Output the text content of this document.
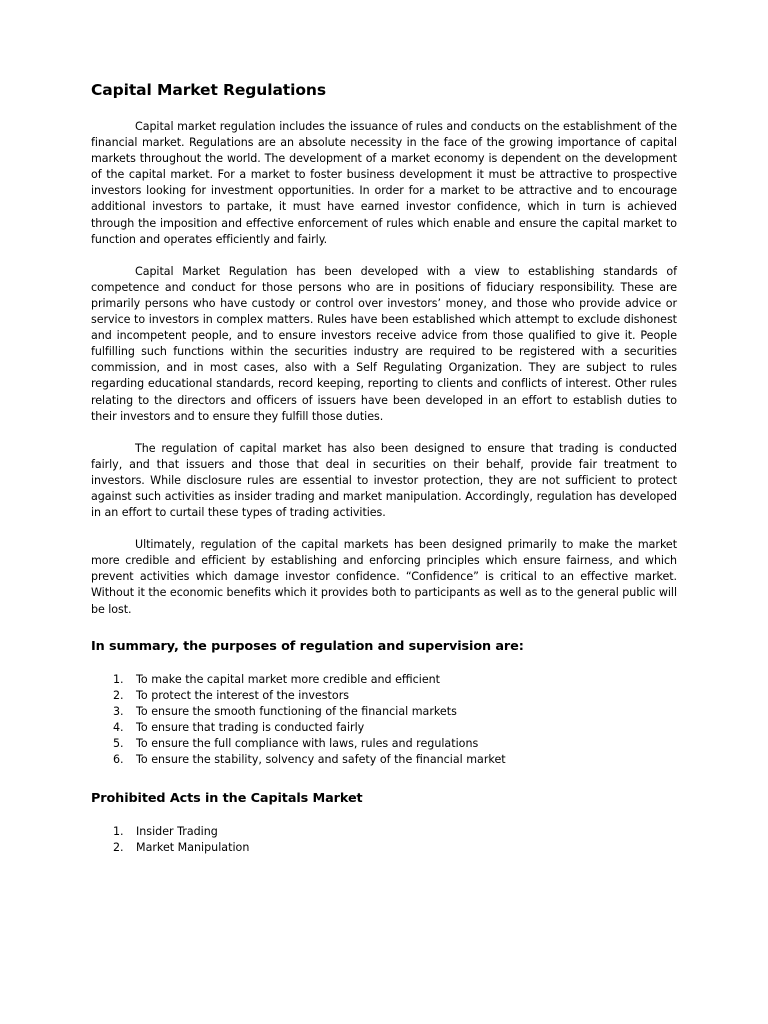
Capital Market Regulations

Capital market regulation includes the issuance of rules and conducts on the establishment of the financial market. Regulations are an absolute necessity in the face of the growing importance of capital markets throughout the world. The development of a market economy is dependent on the development of the capital market. For a market to foster business development it must be attractive to prospective investors looking for investment opportunities. In order for a market to be attractive and to encourage additional investors to partake, it must have earned investor confidence, which in turn is achieved through the imposition and effective enforcement of rules which enable and ensure the capital market to function and operates efficiently and fairly.

Capital Market Regulation has been developed with a view to establishing standards of competence and conduct for those persons who are in positions of fiduciary responsibility. These are primarily persons who have custody or control over investors’ money, and those who provide advice or service to investors in complex matters. Rules have been established which attempt to exclude dishonest and incompetent people, and to ensure investors receive advice from those qualified to give it. People fulfilling such functions within the securities industry are required to be registered with a securities commission, and in most cases, also with a Self Regulating Organization. They are subject to rules regarding educational standards, record keeping, reporting to clients and conflicts of interest. Other rules relating to the directors and officers of issuers have been developed in an effort to establish duties to their investors and to ensure they fulfill those duties.

The regulation of capital market has also been designed to ensure that trading is conducted fairly, and that issuers and those that deal in securities on their behalf, provide fair treatment to investors. While disclosure rules are essential to investor protection, they are not sufficient to protect against such activities as insider trading and market manipulation. Accordingly, regulation has developed in an effort to curtail these types of trading activities.

Ultimately, regulation of the capital markets has been designed primarily to make the market more credible and efficient by establishing and enforcing principles which ensure fairness, and which prevent activities which damage investor confidence. “Confidence” is critical to an effective market. Without it the economic benefits which it provides both to participants as well as to the general public will be lost.

In summary, the purposes of regulation and supervision are:
1.	To make the capital market more credible and efficient
2.	To protect the interest of the investors
3.	To ensure the smooth functioning of the financial markets
4.	To ensure that trading is conducted fairly
5.	To ensure the full compliance with laws, rules and regulations
6.	To ensure the stability, solvency and safety of the financial market
Prohibited Acts in the Capitals Market
1.	Insider Trading
2.	Market Manipulation
